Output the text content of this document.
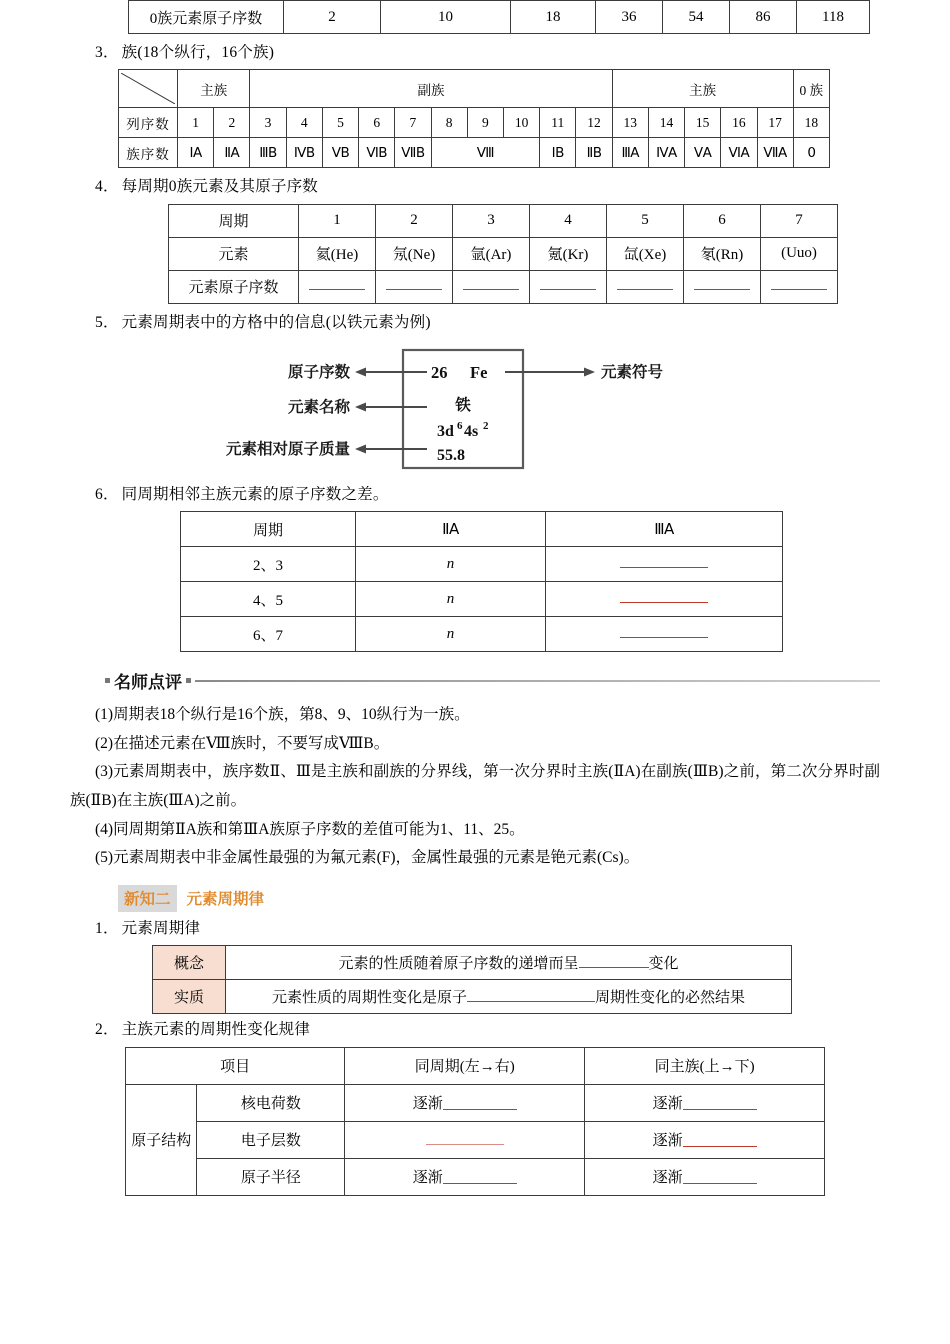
0族元素原子序数	2	10	18	36	54	86	118
3． 族(18个纵行，16个族)
	主族		副族										主族					0 族
列序数	1	2	3	4	5	6	7	8	9	10	11	12	13	14	15	16	17	18
族序数	ⅠA	ⅡA	ⅢB	ⅣB	ⅤB	ⅥB	ⅦB	Ⅷ			ⅠB	ⅡB	ⅢA	ⅣA	ⅤA	ⅥA	ⅦA	0
4． 每周期0族元素及其原子序数
周期	1	2	3	4	5	6	7
元素	氦(He)	氖(Ne)	氩(Ar)	氪(Kr)	氙(Xe)	氡(Rn)	(Uuo)
元素原子序数							
5． 元素周期表中的方格中的信息(以铁元素为例)
原子序数
元素名称
元素相对原子质量
26 Fe
铁
3d 6 4s 2
55.8
元素符号
6． 同周期相邻主族元素的原子序数之差。
周期	ⅡA	ⅢA
2、3	n	
4、5	n	
6、7	n	
名师点评
(1)周期表18个纵行是16个族，第8、9、10纵行为一族。
(2)在描述元素在Ⅷ族时，不要写成ⅧB。
(3)元素周期表中，族序数Ⅱ、Ⅲ是主族和副族的分界线，第一次分界时主族(ⅡA)在副族(ⅢB)之前，第二次分界时副族(ⅡB)在主族(ⅢA)之前。
(4)同周期第ⅡA族和第ⅢA族原子序数的差值可能为1、11、25。
(5)元素周期表中非金属性最强的为氟元素(F)，金属性最强的元素是铯元素(Cs)。
新知二	元素周期律
1． 元素周期律
概念	元素的性质随着原子序数的递增而呈 变化
实质	元素性质的周期性变化是原子 周期性变化的必然结果
2． 主族元素的周期性变化规律
项目		同周期(左→右)	同主族(上→下)
原子结构	核电荷数	逐渐	逐渐
	电子层数		逐渐
	原子半径	逐渐	逐渐
